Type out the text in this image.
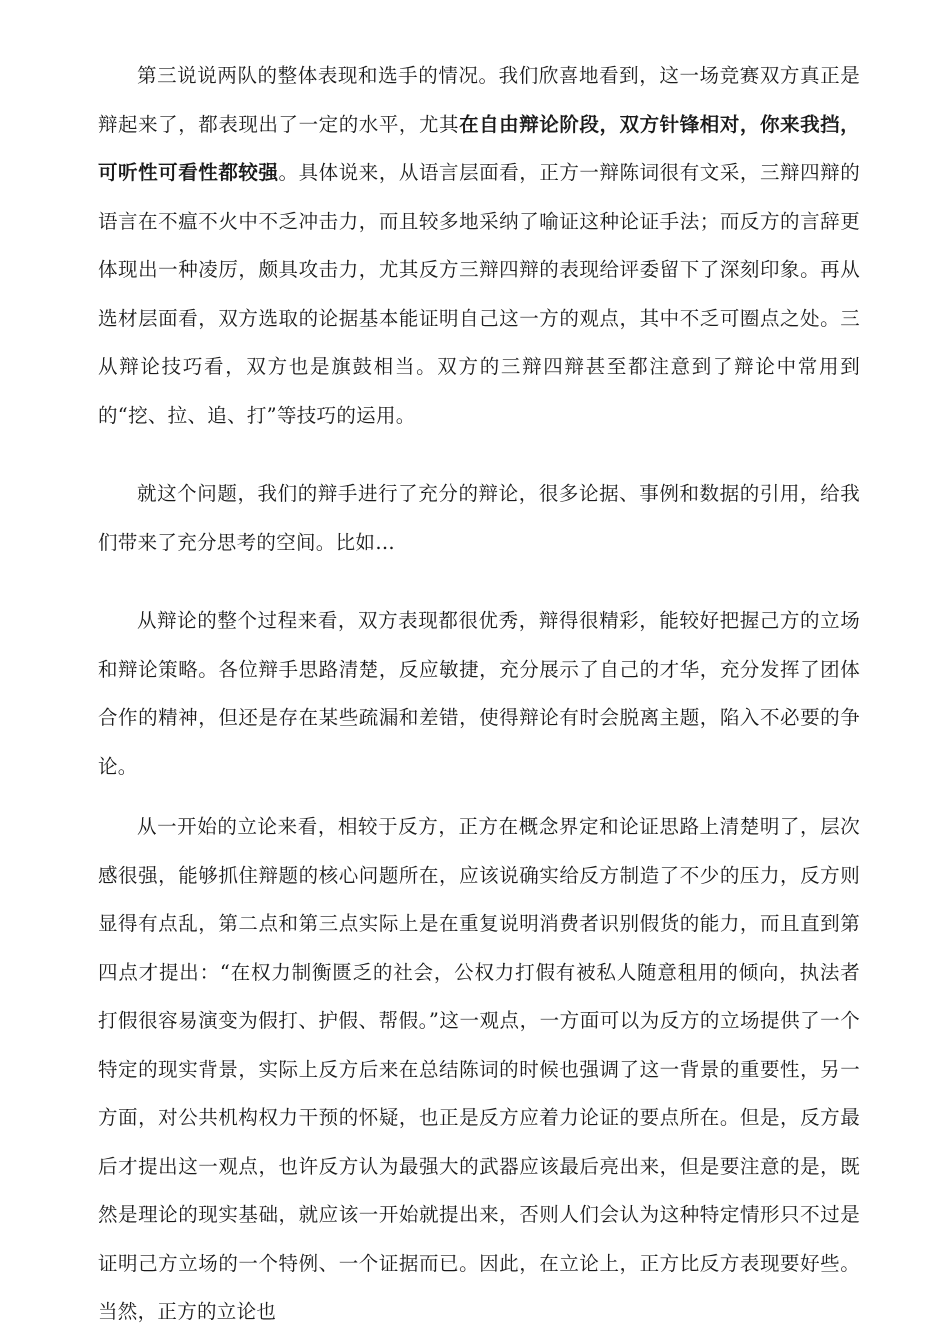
第三说说两队的整体表现和选手的情况。我们欣喜地看到，这一场竞赛双方真正是辩起来了，都表现出了一定的水平，尤其在自由辩论阶段，双方针锋相对，你来我挡，可听性可看性都较强。具体说来，从语言层面看，正方一辩陈词很有文采，三辩四辩的语言在不瘟不火中不乏冲击力，而且较多地采纳了喻证这种论证手法；而反方的言辞更体现出一种凌厉，颇具攻击力，尤其反方三辩四辩的表现给评委留下了深刻印象。再从选材层面看，双方选取的论据基本能证明自己这一方的观点，其中不乏可圈点之处。三从辩论技巧看，双方也是旗鼓相当。双方的三辩四辩甚至都注意到了辩论中常用到的“挖、拉、追、打”等技巧的运用。

就这个问题，我们的辩手进行了充分的辩论，很多论据、事例和数据的引用，给我们带来了充分思考的空间。比如…

从辩论的整个过程来看，双方表现都很优秀，辩得很精彩，能较好把握己方的立场和辩论策略。各位辩手思路清楚，反应敏捷，充分展示了自己的才华，充分发挥了团体合作的精神，但还是存在某些疏漏和差错，使得辩论有时会脱离主题，陷入不必要的争论。

从一开始的立论来看，相较于反方，正方在概念界定和论证思路上清楚明了，层次感很强，能够抓住辩题的核心问题所在，应该说确实给反方制造了不少的压力，反方则显得有点乱，第二点和第三点实际上是在重复说明消费者识别假货的能力，而且直到第四点才提出：“在权力制衡匮乏的社会，公权力打假有被私人随意租用的倾向，执法者打假很容易演变为假打、护假、帮假。”这一观点，一方面可以为反方的立场提供了一个特定的现实背景，实际上反方后来在总结陈词的时候也强调了这一背景的重要性，另一方面，对公共机构权力干预的怀疑，也正是反方应着力论证的要点所在。但是，反方最后才提出这一观点，也许反方认为最强大的武器应该最后亮出来，但是要注意的是，既然是理论的现实基础，就应该一开始就提出来，否则人们会认为这种特定情形只不过是证明己方立场的一个特例、一个证据而已。因此，在立论上，正方比反方表现要好些。当然，正方的立论也
